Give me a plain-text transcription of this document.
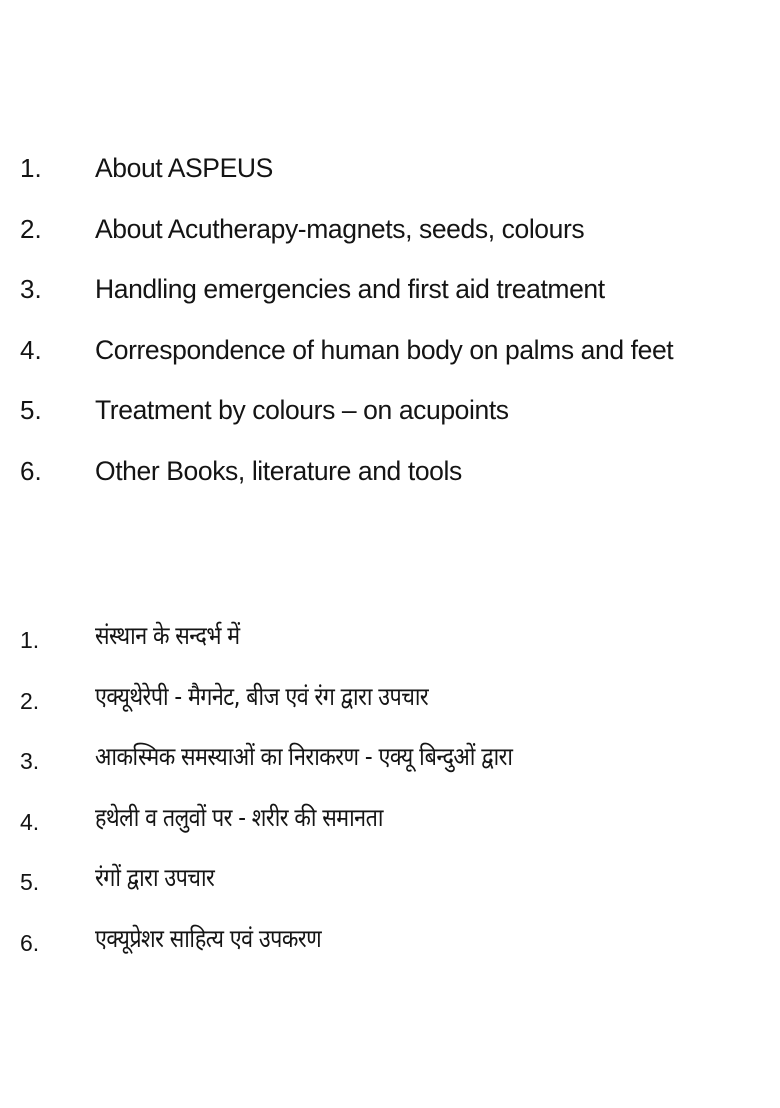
1. About ASPEUS
2. About Acutherapy-magnets, seeds, colours
3. Handling emergencies and first aid treatment
4. Correspondence of human body on palms and feet
5. Treatment by colours – on acupoints
6. Other Books, literature and tools
1. संस्थान के सन्दर्भ में
2. एक्यूथेरेपी - मैगनेट, बीज एवं रंग द्वारा उपचार
3. आकस्मिक समस्याओं का निराकरण - एक्यू बिन्दुओं द्वारा
4. हथेली व तलुवों पर - शरीर की समानता
5. रंगों द्वारा उपचार
6. एक्यूप्रेशर साहित्य एवं उपकरण
